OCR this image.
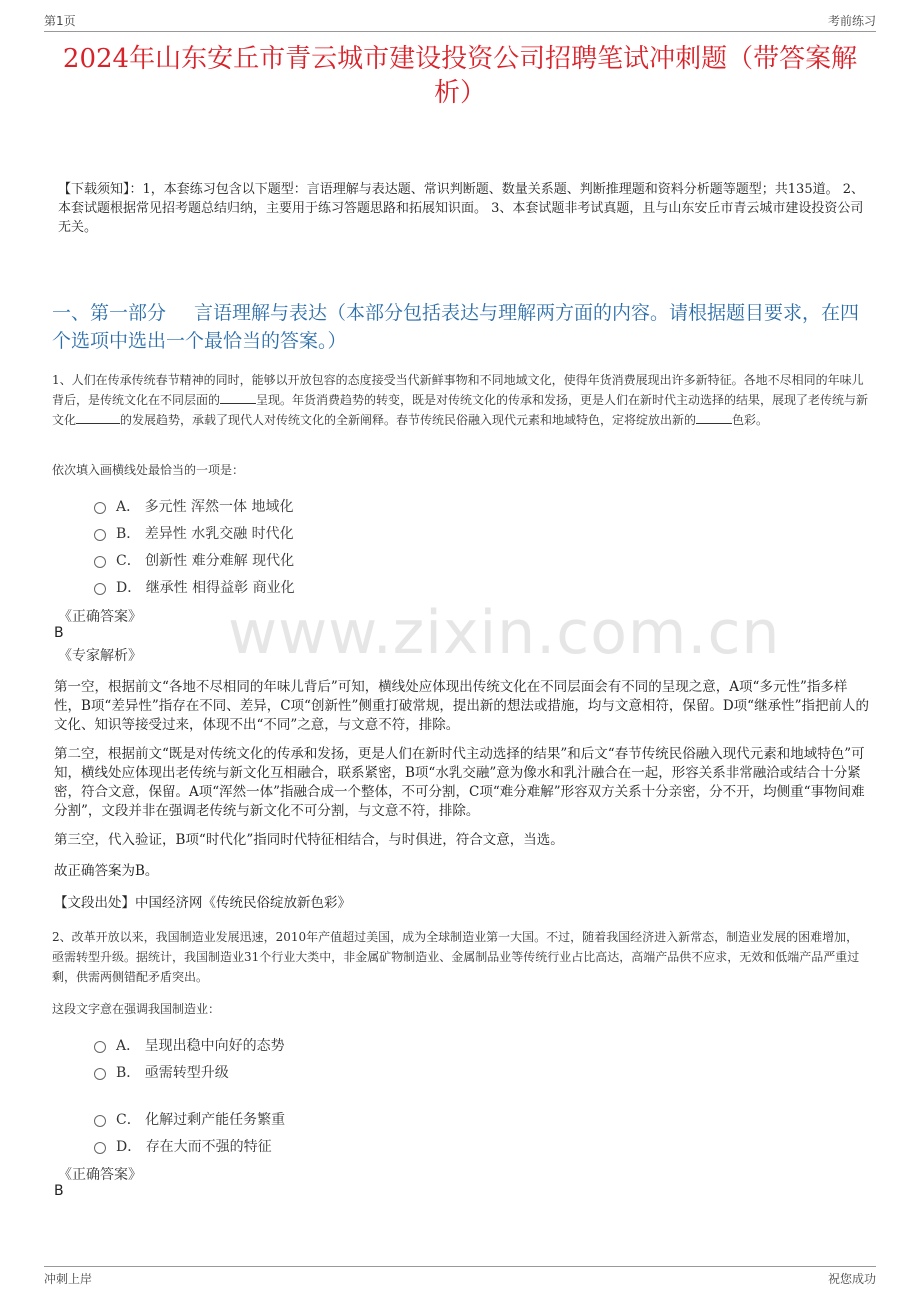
第1页	考前练习
2024年山东安丘市青云城市建设投资公司招聘笔试冲刺题（带答案解析）
【下载须知】：1，本套练习包含以下题型：言语理解与表达题、常识判断题、数量关系题、判断推理题和资料分析题等题型；共135道。 2、本套试题根据常见招考题总结归纳，主要用于练习答题思路和拓展知识面。 3、本套试题非考试真题，且与山东安丘市青云城市建设投资公司无关。
一、第一部分 言语理解与表达（本部分包括表达与理解两方面的内容。请根据题目要求，在四个选项中选出一个最恰当的答案。）
1、人们在传承传统春节精神的同时，能够以开放包容的态度接受当代新鲜事物和不同地域文化，使得年货消费展现出许多新特征。各地不尽相同的年味儿背后，是传统文化在不同层面的	呈现。年货消费趋势的转变，既是对传统文化的传承和发扬，更是人们在新时代主动选择的结果，展现了老传统与新文化	的发展趋势，承载了现代人对传统文化的全新阐释。春节传统民俗融入现代元素和地域特色，定将绽放出新的	色彩。
依次填入画横线处最恰当的一项是：
A．
多元性 浑然一体 地域化
B．
差异性 水乳交融 时代化
C．
创新性 难分难解 现代化
D．
继承性 相得益彰 商业化
www.zixin.com.cn
《正确答案》
B
《专家解析》
第一空，根据前文“各地不尽相同的年味儿背后”可知，横线处应体现出传统文化在不同层面会有不同的呈现之意，A项“多元性”指多样性，B项“差异性”指存在不同、差异，C项“创新性”侧重打破常规，提出新的想法或措施，均与文意相符，保留。D项“继承性”指把前人的文化、知识等接受过来，体现不出“不同”之意，与文意不符，排除。
第二空，根据前文“既是对传统文化的传承和发扬，更是人们在新时代主动选择的结果”和后文“春节传统民俗融入现代元素和地域特色”可知，横线处应体现出老传统与新文化互相融合，联系紧密，B项“水乳交融”意为像水和乳汁融合在一起，形容关系非常融洽或结合十分紧密，符合文意，保留。A项“浑然一体”指融合成一个整体，不可分割，C项“难分难解”形容双方关系十分亲密，分不开，均侧重“事物间难分割”，文段并非在强调老传统与新文化不可分割，与文意不符，排除。
第三空，代入验证，B项“时代化”指同时代特征相结合，与时俱进，符合文意，当选。
故正确答案为B。
【文段出处】中国经济网《传统民俗绽放新色彩》
2、改革开放以来，我国制造业发展迅速，2010年产值超过美国，成为全球制造业第一大国。不过，随着我国经济进入新常态，制造业发展的困难增加，亟需转型升级。据统计，我国制造业31个行业大类中，非金属矿物制造业、金属制品业等传统行业占比高达，高端产品供不应求，无效和低端产品严重过剩，供需两侧错配矛盾突出。
这段文字意在强调我国制造业：
A．
呈现出稳中向好的态势
B．
亟需转型升级
C．
化解过剩产能任务繁重
D．
存在大而不强的特征
《正确答案》
B
冲刺上岸	祝您成功
